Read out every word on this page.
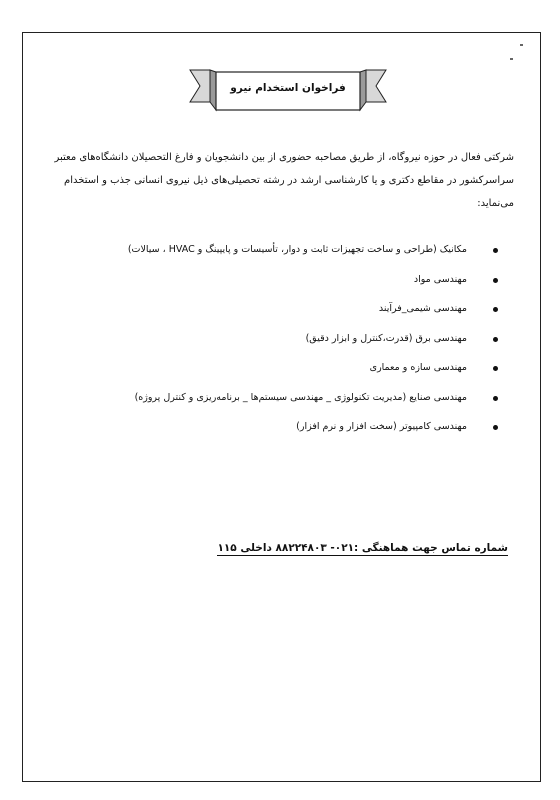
فراخوان استخدام نیرو

شرکتی فعال در حوزه نیروگاه، از طریق مصاحبه حضوری از بین دانشجویان و فارغ التحصیلان دانشگاه‌های معتبر

سراسرکشور در مقاطع دکتری و یا کارشناسی ارشد در رشته تحصیلی‌های ذیل نیروی انسانی جذب و استخدام

می‌نماید:

مکانیک (طراحی و ساخت تجهیزات ثابت و دوار، تأسیسات و پایپینگ و HVAC ، سیالات)
مهندسی مواد
مهندسی شیمی_فرآیند
مهندسی برق (قدرت،کنترل و ابزار دقیق)
مهندسی سازه و معماری
مهندسی صنایع (مدیریت تکنولوژی _ مهندسی سیستم‌ها _ برنامه‌ریزی و کنترل پروژه)
مهندسی کامپیوتر (سخت افزار و نرم افزار)
شماره تماس جهت هماهنگی :۰۲۱- ۸۸۲۲۴۸۰۳ داخلی ۱۱۵
